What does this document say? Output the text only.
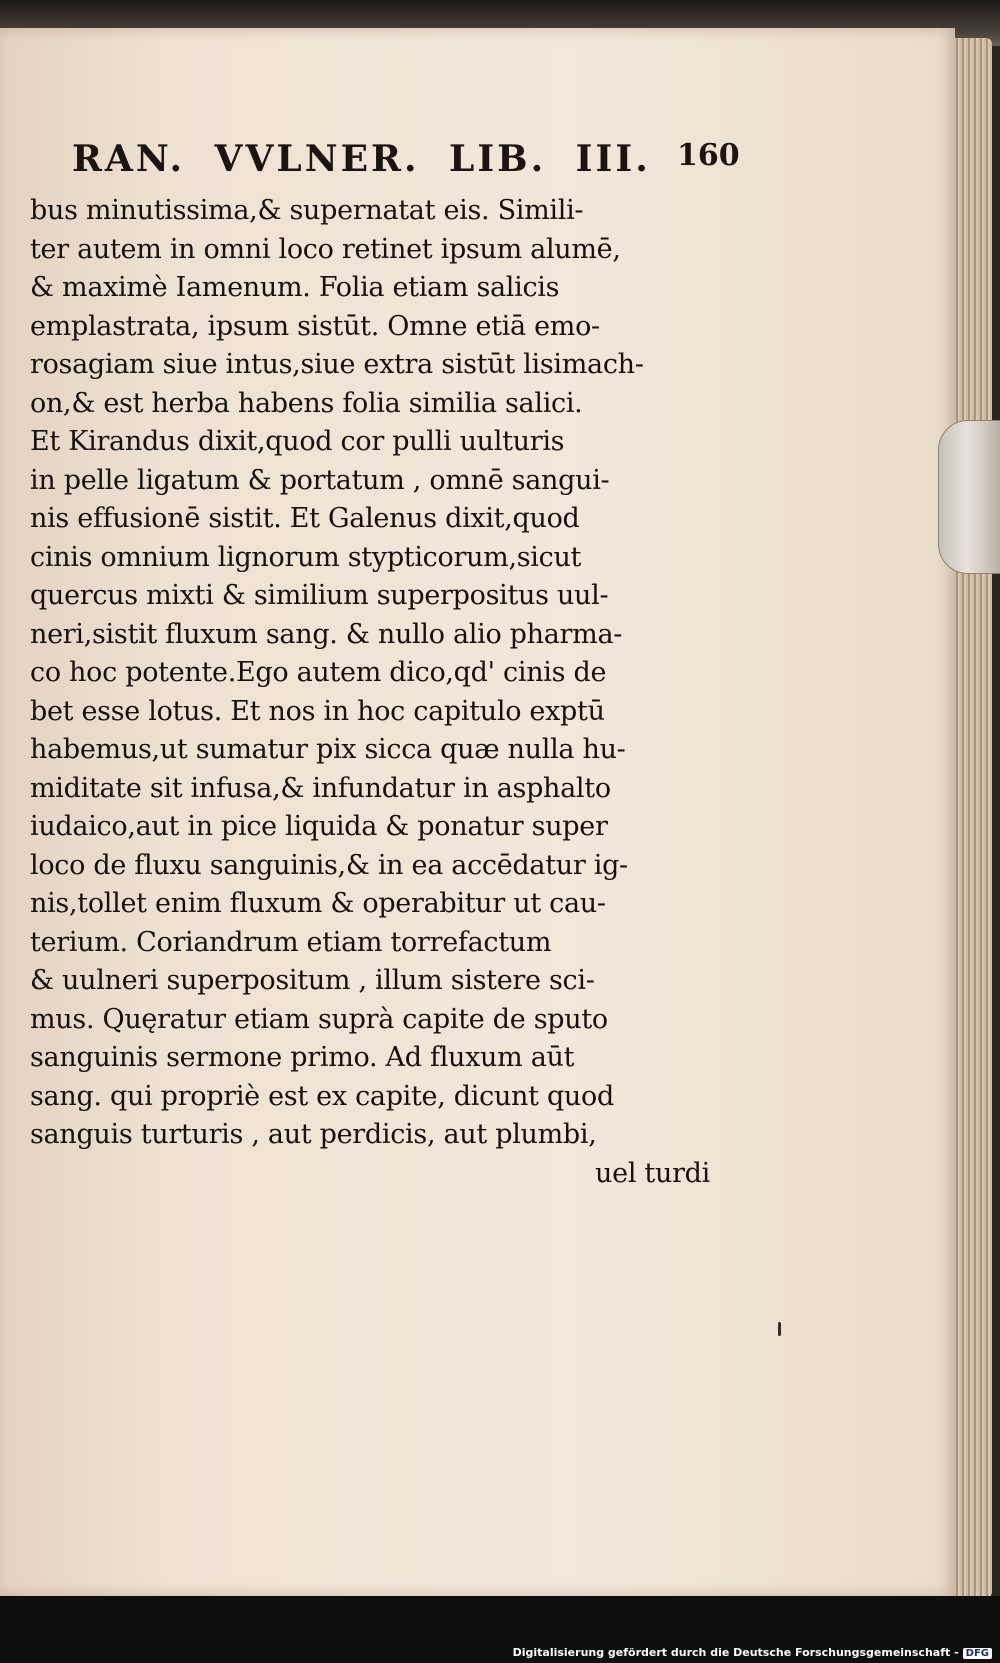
RAN. VVLNER. LIB. III. 160
bus minutissima,& supernatat eis. Simili-
ter autem in omni loco retinet ipsum alumē,
& maximè Iamenum. Folia etiam salicis
emplastrata, ipsum sistūt. Omne etiā emo-
rosagiam siue intus,siue extra sistūt lisimach-
on,& est herba habens folia similia salici.
Et Kirandus dixit,quod cor pulli uulturis
in pelle ligatum & portatum , omnē sangui-
nis effusionē sistit. Et Galenus dixit,quod
cinis omnium lignorum stypticorum,sicut
quercus mixti & similium superpositus uul-
neri,sistit fluxum sang. & nullo alio pharma-
co hoc potente.Ego autem dico,qd' cinis de
bet esse lotus. Et nos in hoc capitulo exptū
habemus,ut sumatur pix sicca quæ nulla hu-
miditate sit infusa,& infundatur in asphalto
iudaico,aut in pice liquida & ponatur super
loco de fluxu sanguinis,& in ea accēdatur ig-
nis,tollet enim fluxum & operabitur ut cau-
terium. Coriandrum etiam torrefactum
& uulneri superpositum , illum sistere sci-
mus. Quęratur etiam suprà capite de sputo
sanguinis sermone primo. Ad fluxum aūt
sang. qui propriè est ex capite, dicunt quod
sanguis turturis , aut perdicis, aut plumbi,
uel turdi
Digitalisierung gefördert durch die Deutsche Forschungsgemeinschaft - DFG
